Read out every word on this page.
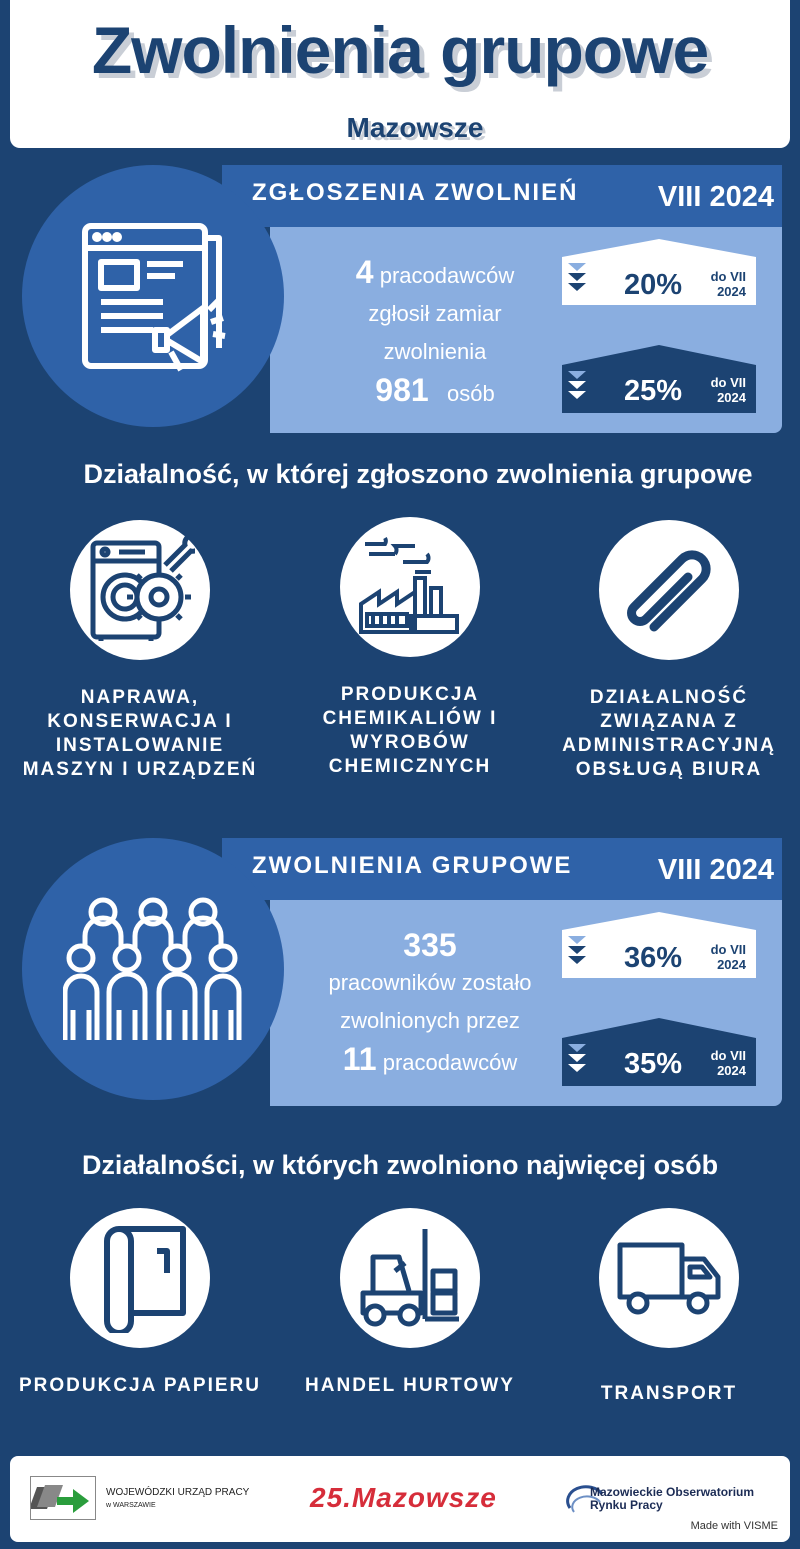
Zwolnienia grupowe
Mazowsze
ZGŁOSZENIA ZWOLNIEŃ	VIII 2024
4 pracodawców
zgłosił zamiar
zwolnienia
981 osób
20% do VII
2024
25% do VII
2024
Działalność, w której zgłoszono zwolnienia grupowe
NAPRAWA, KONSERWACJA I INSTALOWANIE MASZYN I URZĄDZEŃ
PRODUKCJA CHEMIKALIÓW I WYROBÓW CHEMICZNYCH
DZIAŁALNOŚĆ ZWIĄZANA Z ADMINISTRACYJNĄ OBSŁUGĄ BIURA
ZWOLNIENIA GRUPOWE	VIII 2024
335
pracowników zostało
zwolnionych przez
11 pracodawców
36% do VII
2024
35% do VII
2024
Działalności, w których zwolniono najwięcej osób
PRODUKCJA PAPIERU	HANDEL HURTOWY	TRANSPORT
WOJEWÓDZKI URZĄD PRACY
w WARSZAWIE	25.Mazowsze	Mazowieckie Obserwatorium
Rynku Pracy
Made with VISME
